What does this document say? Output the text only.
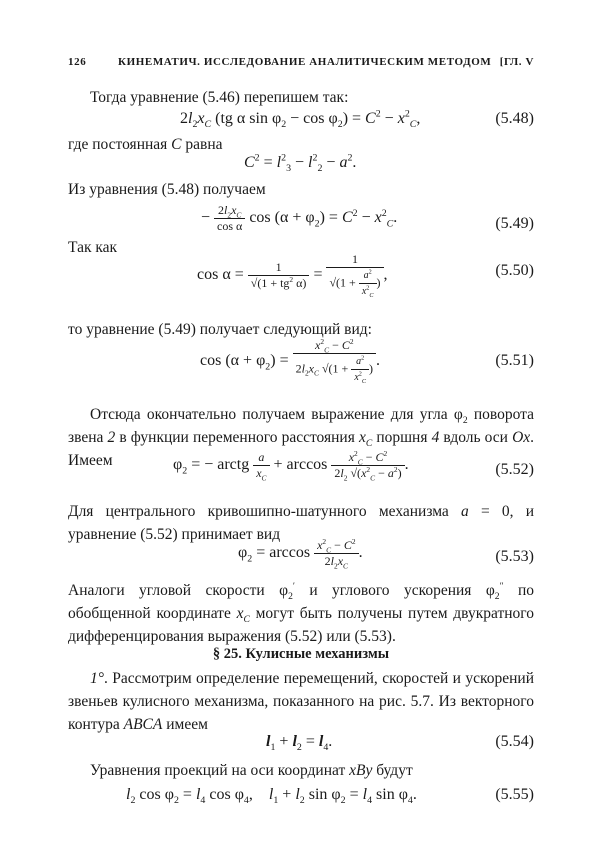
126	КИНЕМАТИЧ. ИССЛЕДОВАНИЕ АНАЛИТИЧЕСКИМ МЕТОДОМ [ГЛ. V
Тогда уравнение (5.46) перепишем так:
$2l_2x_C$ (tg α $\sin \varphi_2 - \cos \varphi_2) = C^2 - x^2_C$,	(5.48)
где постоянная C равна
$C^2 = l^2_3 - l^2_2 - a^2$.
Из уравнения (5.48) получаем
− $\frac{2l_2x_C}{\text{cos α}}$ $\cos (\alpha + \varphi_2) = C^2 - x^2_C$.	(5.49)
Так как
$\cos \alpha = \frac{1}{√(1 + tg^2 \alpha)} = \frac{1}{√(1 + \frac{a^2}{x^2_C} )}$ ,	(5.50)
то уравнение (5.49) получает следующий вид:
$\cos (\alpha + \varphi_2) = \frac{x^2_C - C^2}{2l_2x_C √(1 + \frac{a^2}{x^2_C} )}$ .	(5.51)
Отсюда окончательно получаем выражение для угла $\varphi_2$ поворота звена 2 в функции переменного расстояния $x_C$ поршня 4 вдоль оси Ox. Имеем	$\varphi_2$ = − arctg $\frac{a}{x_C} + \arccos \frac{x^2_C - C^2}{2l_2 √(x^2_C - a^2)}$ .	(5.52)
Для центрального кривошипно-шатунного механизма a = 0, и уравнение (5.52) принимает вид
$\varphi_2 = \arccos \frac{x^2_C - C^2}{2l_2x_C}$ .	(5.53)
Аналоги угловой скорости $\varphi_2'$ и углового ускорения $\varphi_2''$ по обобщенной координате $x_C$ могут быть получены путем двукратного дифференцирования выражения (5.52) или (5.53).
§ 25. Кулисные механизмы
1°. Рассмотрим определение перемещений, скоростей и ускорений звеньев кулисного механизма, показанного на рис. 5.7. Из векторного контура ABCA имеем
$l_1 + l_2 = l_4$.	(5.54)
Уравнения проекций на оси координат xBy будут
$l_2$ $\cos \varphi_2 = l_4$ $\cos \varphi_4$,    $l_1 + l_2$ $\sin \varphi_2 = l_4$ $\sin \varphi_4$.	(5.55)
